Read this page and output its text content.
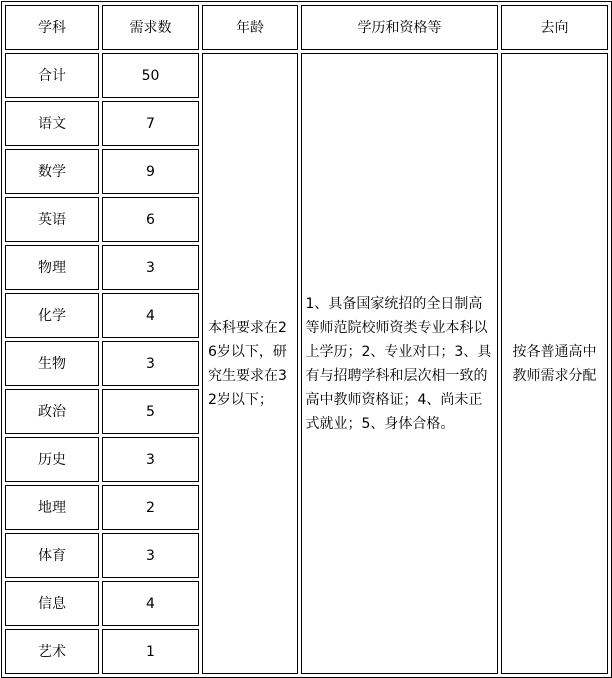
学科	需求数	年龄	学历和资格等	去向
合计	50	本科要求在26岁以下，研究生要求在32岁以下；	1、具备国家统招的全日制高等师范院校师资类专业本科以上学历；2、专业对口；3、具有与招聘学科和层次相一致的高中教师资格证；4、尚未正式就业；5、身体合格。	按各普通高中教师需求分配

语文	7			
数学	9			
英语	6			
物理	3			
化学	4			
生物	3			
政治	5			
历史	3			
地理	2			
体育	3			
信息	4			
艺术	1			
